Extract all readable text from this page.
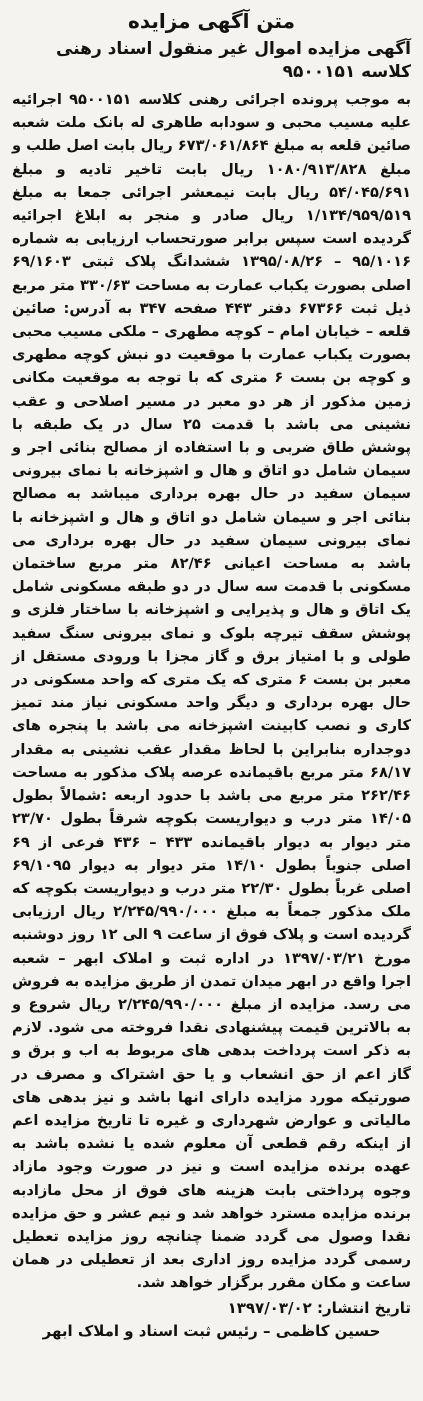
متن آگهی مزایده
آگهی مزایده اموال غیر منقول اسناد رهنی
کلاسه ۹۵۰۰۱۵۱

به موجب پرونده اجرائی رهنی کلاسه ۹۵۰۰۱۵۱ اجرائیه علیه مسیب محبی و سودابه طاهری له بانک ملت شعبه صائین قلعه به مبلغ ۶۷۳/۰۶۱/۸۶۴ ریال بابت اصل طلب و مبلغ ۱۰۸۰/۹۱۳/۸۲۸ ریال بابت تاخیر تادیه و مبلغ ۵۴/۰۴۵/۶۹۱ ریال بابت نیمعشر اجرائی جمعا به مبلغ ۱/۱۳۴/۹۵۹/۵۱۹ ریال صادر و منجر به ابلاغ اجرائیه گردیده است سپس برابر صورتحساب ارزیابی به شماره ۹۵/۱۰۱۶ – ۱۳۹۵/۰۸/۲۶ ششدانگ پلاک ثبتی ۶۹/۱۶۰۳ اصلی بصورت یکباب عمارت به مساحت ۳۳۰/۶۳ متر مربع ذیل ثبت ۶۷۳۶۶ دفتر ۴۴۳ صفحه ۳۴۷ به آدرس: صائین قلعه – خیابان امام – کوچه مطهری – ملکی مسیب محبی بصورت یکباب عمارت با موقعیت دو نبش کوچه مطهری و کوچه بن بست ۶ متری که با توجه به موقعیت مکانی زمین مذکور از هر دو معبر در مسیر اصلاحی و عقب نشینی می باشد با قدمت ۲۵ سال در یک طبقه با پوشش طاق ضربی و با استفاده از مصالح بنائی اجر و سیمان شامل دو اتاق و هال و اشپزخانه با نمای بیرونی سیمان سفید در حال بهره برداری میباشد به مصالح بنائی اجر و سیمان شامل دو اتاق و هال و اشپزخانه با نمای بیرونی سیمان سفید در حال بهره برداری می باشد به مساحت اعیانی ۸۲/۴۶ متر مربع ساختمان مسکونی با قدمت سه سال در دو طبقه مسکونی شامل یک اتاق و هال و پذیرایی و اشپزخانه با ساختار فلزی و پوشش سقف تیرچه بلوک و نمای بیرونی سنگ سفید طولی و با امتیاز برق و گاز مجزا با ورودی مستقل از معبر بن بست ۶ متری که یک متری که واحد مسکونی در حال بهره برداری و دیگر واحد مسکونی نیاز مند تمیز کاری و نصب کابینت اشپزخانه می باشد با پنجره های دوجداره بنابراین با لحاظ مقدار عقب نشینی به مقدار ۶۸/۱۷ متر مربع باقیمانده عرصه پلاک مذکور به مساحت ۲۶۲/۴۶ متر مربع می باشد با حدود اربعه :شمالاً بطول ۱۴/۰۵ متر درب و دیواریست بکوچه شرقاً بطول ۲۳/۷۰ متر دیوار به دیوار باقیمانده ۴۳۳ – ۴۳۶ فرعی از ۶۹ اصلی جنوباً بطول ۱۴/۱۰ متر دیوار به دیوار ۶۹/۱۰۹۵ اصلی غرباً بطول ۲۲/۳۰ متر درب و دیواریست بکوچه که ملک مذکور جمعاً به مبلغ ۲/۲۴۵/۹۹۰/۰۰۰ ریال ارزیابی گردیده است و پلاک فوق از ساعت ۹ الی ۱۲ روز دوشنبه مورخ ۱۳۹۷/۰۳/۲۱ در اداره ثبت و املاک ابهر – شعبه اجرا واقع در ابهر میدان تمدن از طریق مزایده به فروش می رسد. مزایده از مبلغ ۲/۲۴۵/۹۹۰/۰۰۰ ریال شروع و به بالاترین قیمت پیشنهادی نقدا فروخته می شود. لازم به ذکر است پرداخت بدهی های مربوط به اب و برق و گاز اعم از حق انشعاب و یا حق اشتراک و مصرف در صورتیکه مورد مزایده دارای انها باشد و نیز بدهی های مالیاتی و عوارض شهرداری و غیره تا تاریخ مزایده اعم از اینکه رقم قطعی آن معلوم شده یا نشده باشد به عهده برنده مزایده است و نیز در صورت وجود مازاد وجوه پرداختی بابت هزینه های فوق از محل مازادبه برنده مزایده مسترد خواهد شد و نیم عشر و حق مزایده نقدا وصول می گردد ضمنا چنانچه روز مزایده تعطیل رسمی گردد مزایده روز اداری بعد از تعطیلی در همان ساعت و مکان مقرر برگزار خواهد شد.

تاریخ انتشار: ۱۳۹۷/۰۳/۰۲
حسین کاظمی – رئیس ثبت اسناد و املاک ابهر
